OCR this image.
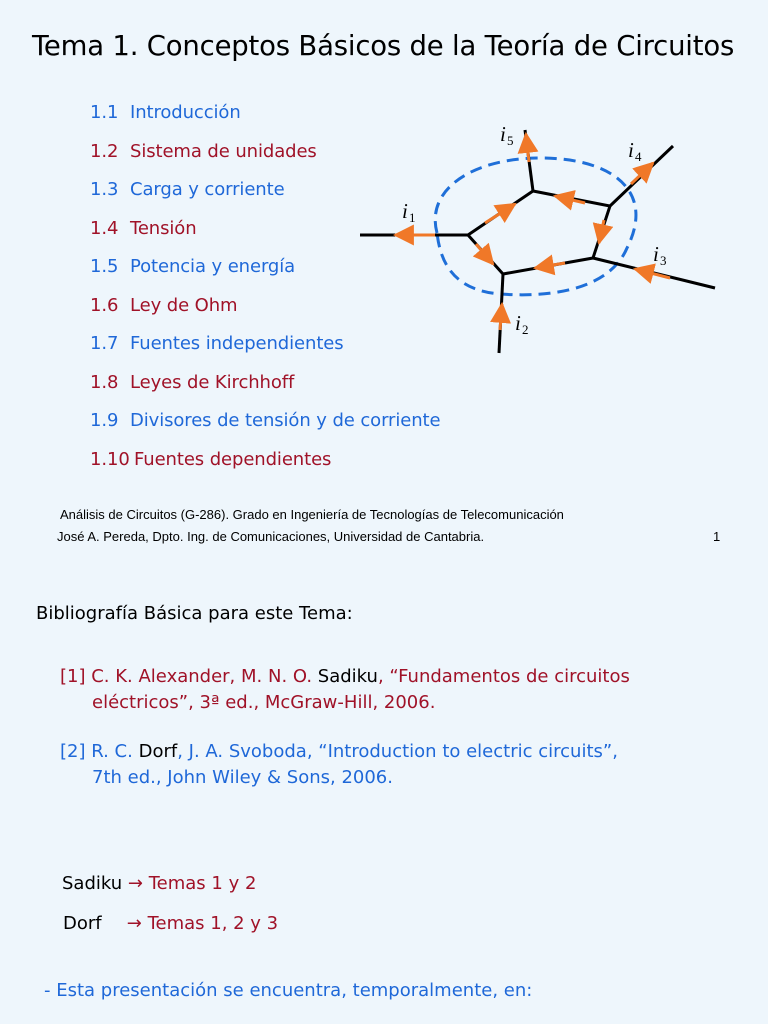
Tema 1. Conceptos Básicos de la Teoría de Circuitos
1.1 Introducción
1.2 Sistema de unidades
1.3 Carga y corriente
1.4 Tensión
1.5 Potencia y energía
1.6 Ley de Ohm
1.7 Fuentes independientes
1.8 Leyes de Kirchhoff
1.9 Divisores de tensión y de corriente
1.10 Fuentes dependientes
i 1
i 2
i 3
i 4
i 5
Análisis de Circuitos (G-286). Grado en Ingeniería de Tecnologías de Telecomunicación
José A. Pereda, Dpto. Ing. de Comunicaciones, Universidad de Cantabria.	1
Bibliografía Básica para este Tema:
[1] C. K. Alexander, M. N. O. Sadiku, “Fundamentos de circuitos
eléctricos”, 3ª ed., McGraw-Hill, 2006.
[2] R. C. Dorf, J. A. Svoboda, “Introduction to electric circuits”,
7th ed., John Wiley & Sons, 2006.
Sadiku → Temas 1 y 2
Dorf → Temas 1, 2 y 3
- Esta presentación se encuentra, temporalmente, en:
